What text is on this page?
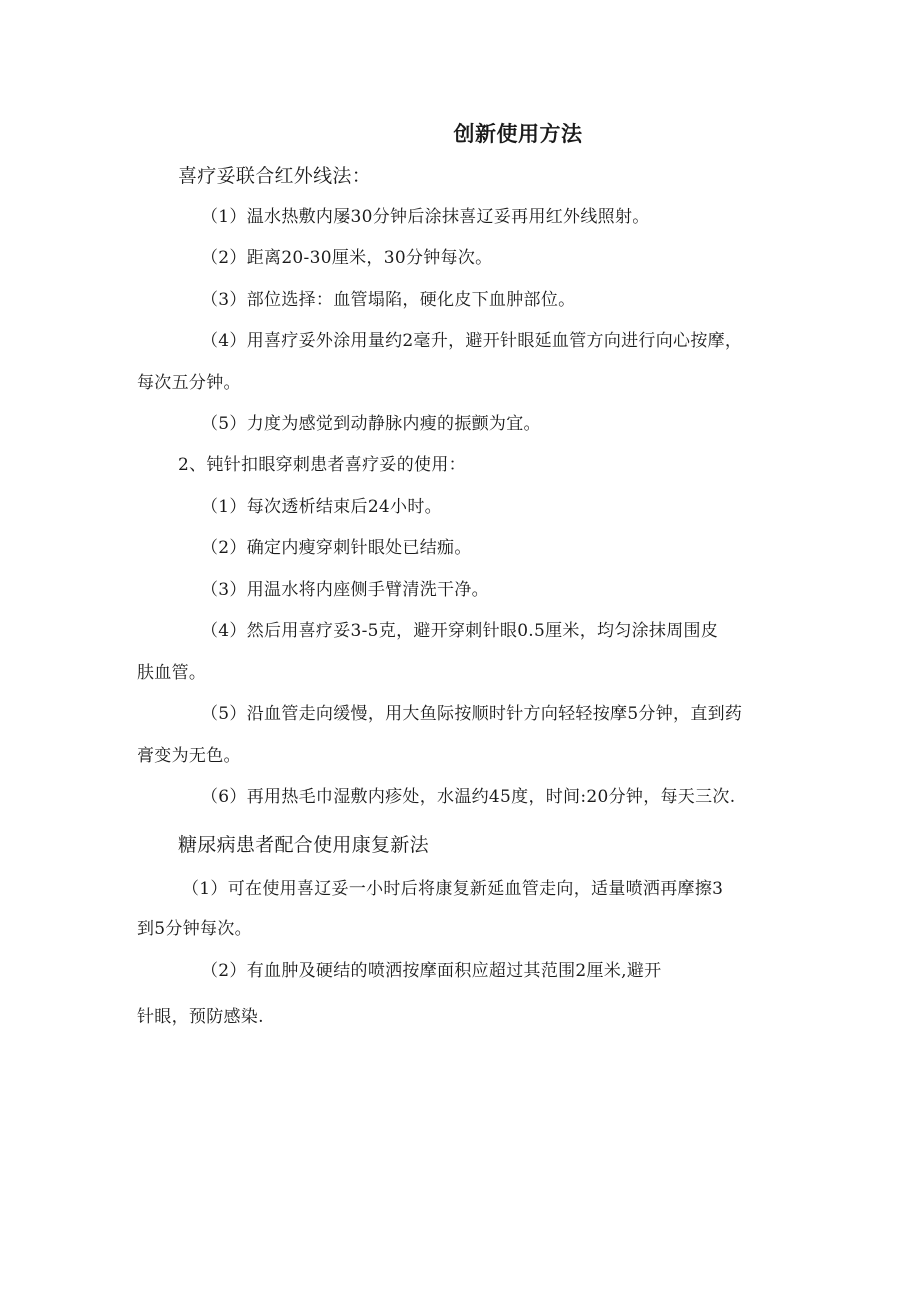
创新使用方法
喜疗妥联合红外线法：
（1）温水热敷内屡30分钟后涂抹喜辽妥再用红外线照射。
（2）距离20-30厘米，30分钟每次。
（3）部位选择：血管塌陷，硬化皮下血肿部位。
（4）用喜疗妥外涂用量约2毫升，避开针眼延血管方向进行向心按摩，
每次五分钟。
（5）力度为感觉到动静脉内瘦的振颤为宜。
2、钝针扣眼穿刺患者喜疗妥的使用：
（1）每次透析结束后24小时。
（2）确定内瘦穿刺针眼处已结痂。
（3）用温水将内座侧手臂清洗干净。
（4）然后用喜疗妥3-5克，避开穿刺针眼0.5厘米，均匀涂抹周围皮
肤血管。
（5）沿血管走向缓慢，用大鱼际按顺时针方向轻轻按摩5分钟，直到药
膏变为无色。
（6）再用热毛巾湿敷内疹处，水温约45度，时间:20分钟，每天三次.
糖尿病患者配合使用康复新法
（1）可在使用喜辽妥一小时后将康复新延血管走向，适量喷洒再摩擦3
到5分钟每次。
（2）有血肿及硬结的喷洒按摩面积应超过其范围2厘米,避开
针眼，预防感染.
